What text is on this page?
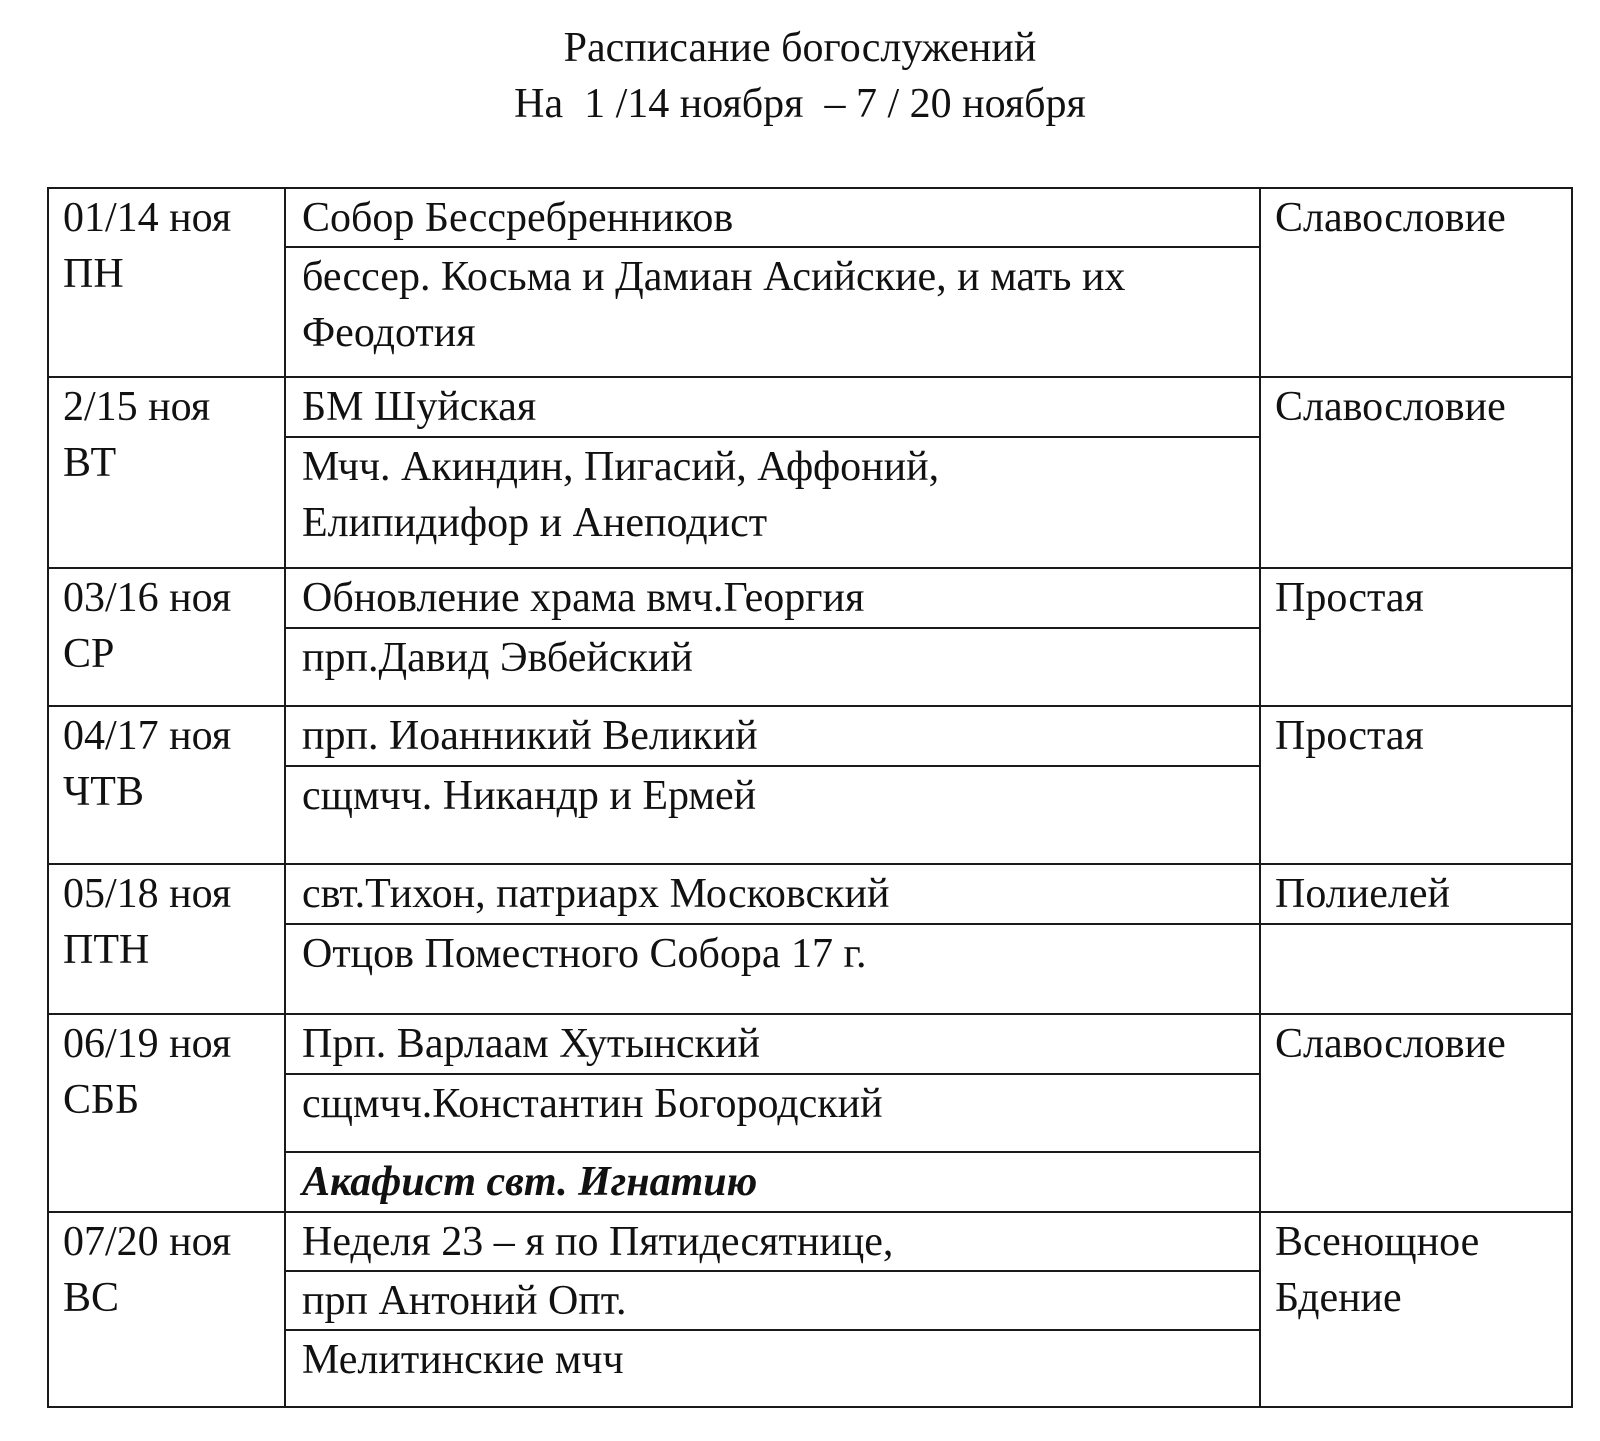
Расписание богослужений
На  1 /14 ноября  – 7 / 20 ноября
01/14 ноя
ПН	Собор Бессребренников	Славословие

	бессер. Косьма и Дамиан Асийские, и мать их Феодотия	

2/15 ноя
ВТ	БМ Шуйская	Славословие

	Мчч. Акиндин, Пигасий, Аффоний, Елипидифор и Анеподист	

03/16 ноя
СР	Обновление храма вмч.Георгия	Простая
	прп.Давид Эвбейский	

04/17 ноя
ЧТВ	прп. Иоанникий Великий	Простая
	сщмчч. Никандр и Ермей	

05/18 ноя
ПТН	свт.Тихон, патриарх Московский	Полиелей
	Отцов Поместного Собора 17 г.	

06/19 ноя
СББ	Прп. Варлаам Хутынский	Славословие
	сщмчч.Константин Богородский	
	Акафист свт. Игнатию	

07/20 ноя
ВС	Неделя 23 – я по Пятидесятнице,	Всенощное
Бдение

	прп Антоний Опт.	
	Мелитинские мчч	
